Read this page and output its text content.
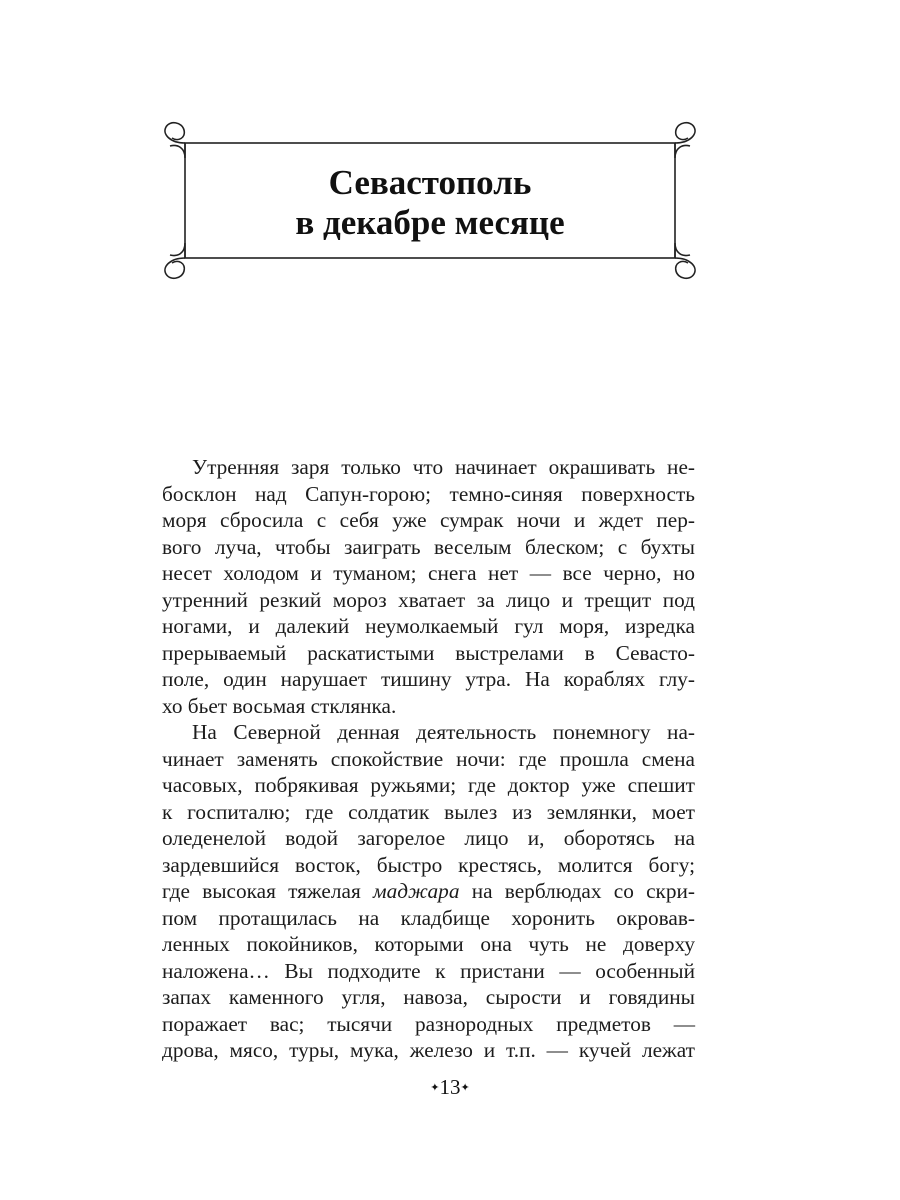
Севастополь
в декабре месяце
Утренняя заря только что начинает окрашивать не-
босклон над Сапун-горою; темно-синяя поверхность
моря сбросила с себя уже сумрак ночи и ждет пер-
вого луча, чтобы заиграть веселым блеском; с бухты
несет холодом и туманом; снега нет — все черно, но
утренний резкий мороз хватает за лицо и трещит под
ногами, и далекий неумолкаемый гул моря, изредка
прерываемый раскатистыми выстрелами в Севасто-
поле, один нарушает тишину утра. На кораблях глу-
хо бьет восьмая стклянка.
На Северной денная деятельность понемногу на-
чинает заменять спокойствие ночи: где прошла смена
часовых, побрякивая ружьями; где доктор уже спешит
к госпиталю; где солдатик вылез из землянки, моет
оледенелой водой загорелое лицо и, оборотясь на
зардевшийся восток, быстро крестясь, молится богу;
где высокая тяжелая маджара на верблюдах со скри-
пом протащилась на кладбище хоронить окровав-
ленных покойников, которыми она чуть не доверху
наложена… Вы подходите к пристани — особенный
запах каменного угля, навоза, сырости и говядины
поражает вас; тысячи разнородных предметов —
дрова, мясо, туры, мука, железо и т.п. — кучей лежат
✦13✦
